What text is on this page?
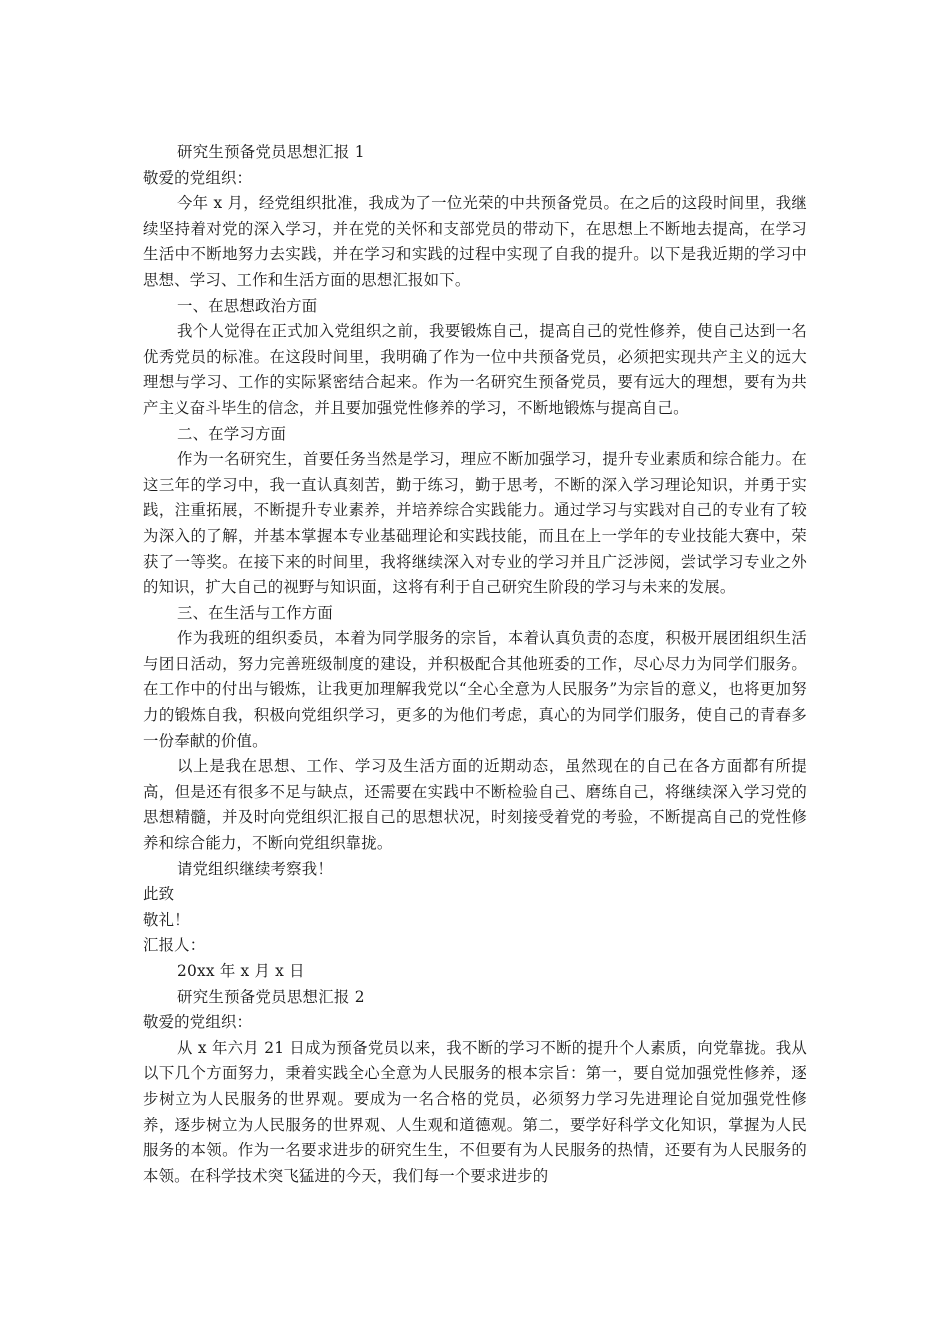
研究生预备党员思想汇报 1
敬爱的党组织：
今年 x 月，经党组织批准，我成为了一位光荣的中共预备党员。在之后的这段时间里，我继续坚持着对党的深入学习，并在党的关怀和支部党员的带动下，在思想上不断地去提高，在学习生活中不断地努力去实践，并在学习和实践的过程中实现了自我的提升。以下是我近期的学习中思想、学习、工作和生活方面的思想汇报如下。
一、在思想政治方面
我个人觉得在正式加入党组织之前，我要锻炼自己，提高自己的党性修养，使自己达到一名优秀党员的标准。在这段时间里，我明确了作为一位中共预备党员，必须把实现共产主义的远大理想与学习、工作的实际紧密结合起来。作为一名研究生预备党员，要有远大的理想，要有为共产主义奋斗毕生的信念，并且要加强党性修养的学习，不断地锻炼与提高自己。
二、在学习方面
作为一名研究生，首要任务当然是学习，理应不断加强学习，提升专业素质和综合能力。在这三年的学习中，我一直认真刻苦，勤于练习，勤于思考，不断的深入学习理论知识，并勇于实践，注重拓展，不断提升专业素养，并培养综合实践能力。通过学习与实践对自己的专业有了较为深入的了解，并基本掌握本专业基础理论和实践技能，而且在上一学年的专业技能大赛中，荣获了一等奖。在接下来的时间里，我将继续深入对专业的学习并且广泛涉阅，尝试学习专业之外的知识，扩大自己的视野与知识面，这将有利于自己研究生阶段的学习与未来的发展。
三、在生活与工作方面
作为我班的组织委员，本着为同学服务的宗旨，本着认真负责的态度，积极开展团组织生活与团日活动，努力完善班级制度的建设，并积极配合其他班委的工作，尽心尽力为同学们服务。在工作中的付出与锻炼，让我更加理解我党以“全心全意为人民服务”为宗旨的意义，也将更加努力的锻炼自我，积极向党组织学习，更多的为他们考虑，真心的为同学们服务，使自己的青春多一份奉献的价值。
以上是我在思想、工作、学习及生活方面的近期动态，虽然现在的自己在各方面都有所提高，但是还有很多不足与缺点，还需要在实践中不断检验自己、磨练自己，将继续深入学习党的思想精髓，并及时向党组织汇报自己的思想状况，时刻接受着党的考验，不断提高自己的党性修养和综合能力，不断向党组织靠拢。
请党组织继续考察我！
此致
敬礼！
汇报人：
20xx 年 x 月 x 日
研究生预备党员思想汇报 2
敬爱的党组织：
从 x 年六月 21 日成为预备党员以来，我不断的学习不断的提升个人素质，向党靠拢。我从以下几个方面努力，秉着实践全心全意为人民服务的根本宗旨：第一，要自觉加强党性修养，逐步树立为人民服务的世界观。要成为一名合格的党员，必须努力学习先进理论自觉加强党性修养，逐步树立为人民服务的世界观、人生观和道德观。第二，要学好科学文化知识，掌握为人民服务的本领。作为一名要求进步的研究生生，不但要有为人民服务的热情，还要有为人民服务的本领。在科学技术突飞猛进的今天，我们每一个要求进步的
